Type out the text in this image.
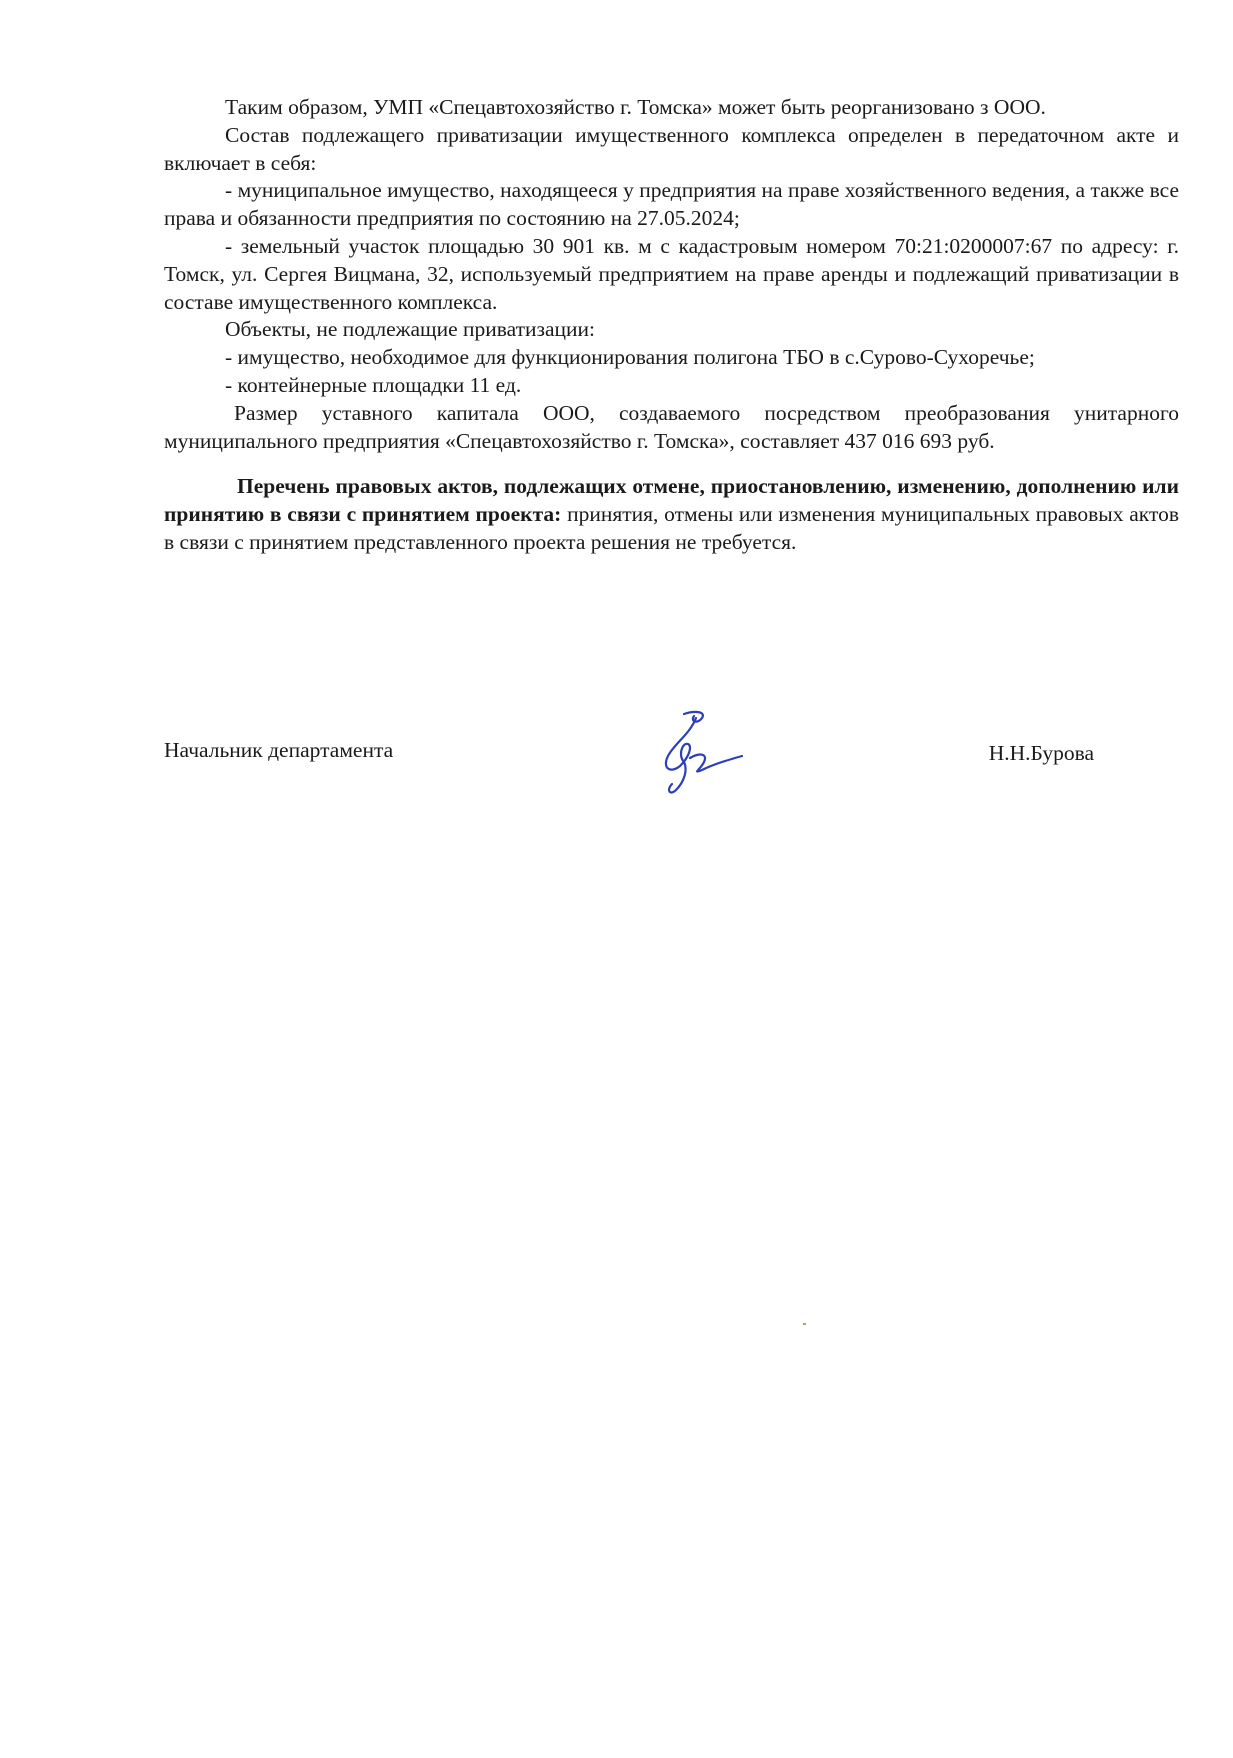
Таким образом, УМП «Спецавтохозяйство г. Томска» может быть реорганизовано з ООО.

Состав подлежащего приватизации имущественного комплекса определен в передаточном акте и включает в себя:

- муниципальное имущество, находящееся у предприятия на праве хозяйственного ведения, а также все права и обязанности предприятия по состоянию на 27.05.2024;

- земельный участок площадью 30 901 кв. м с кадастровым номером 70:21:0200007:67 по адресу: г. Томск, ул. Сергея Вицмана, 32, используемый предприятием на праве аренды и подлежащий приватизации в составе имущественного комплекса.

Объекты, не подлежащие приватизации:

- имущество, необходимое для функционирования полигона ТБО в с.Сурово-Сухоречье;

- контейнерные площадки 11 ед.

Размер уставного капитала ООО, создаваемого посредством преобразования унитарного муниципального предприятия «Спецавтохозяйство г. Томска», составляет 437 016 693 руб.

Перечень правовых актов, подлежащих отмене, приостановлению, изменению, дополнению или принятию в связи с принятием проекта: принятия, отмены или изменения муниципальных правовых актов в связи с принятием представленного проекта решения не требуется.

Начальник департамента	Н.Н.Бурова
